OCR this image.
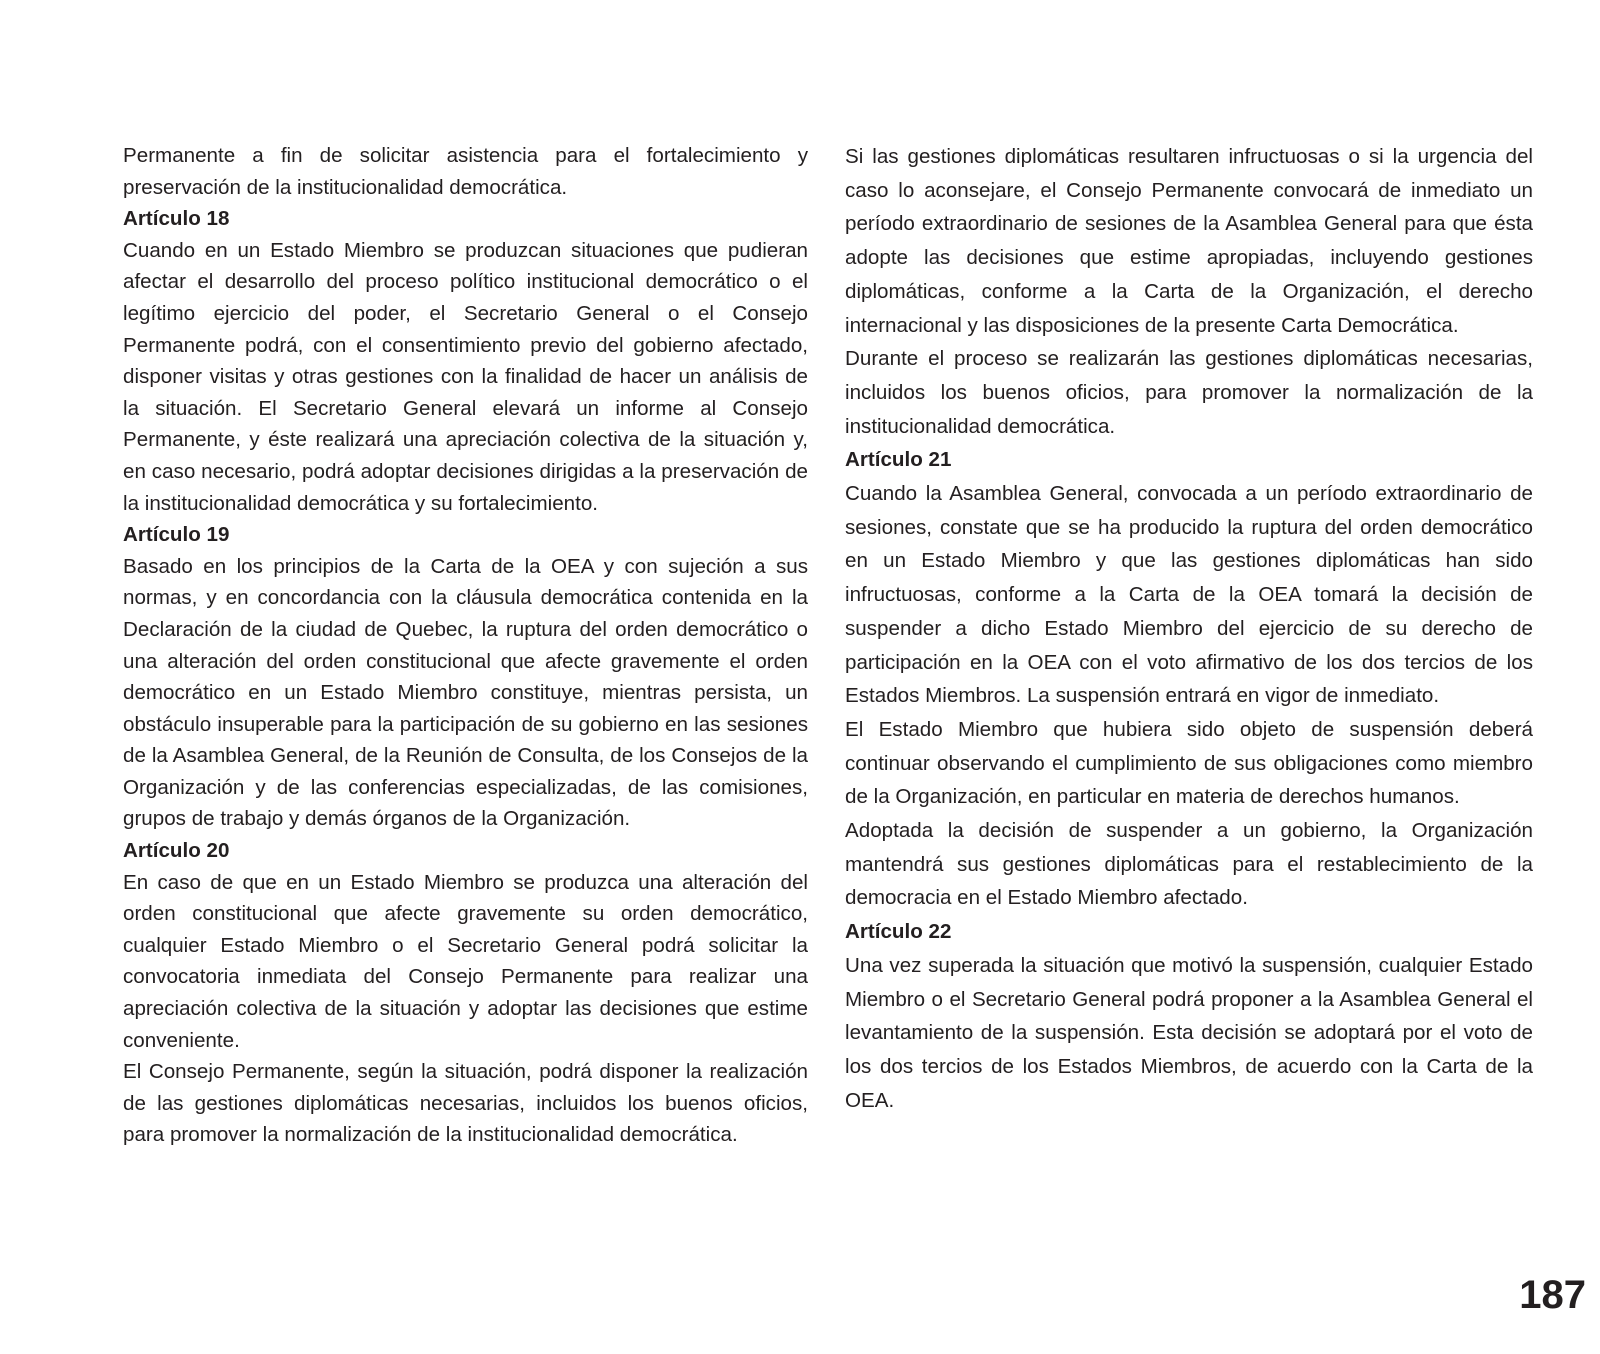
Permanente a fin de solicitar asistencia para el fortalecimiento y preservación de la institucionalidad democrática.

Artículo 18

Cuando en un Estado Miembro se produzcan situaciones que pudieran afectar el desarrollo del proceso político institucional democrático o el legítimo ejercicio del poder, el Secretario General o el Consejo Permanente podrá, con el consentimiento previo del gobierno afectado, disponer visitas y otras gestiones con la finalidad de hacer un análisis de la situación. El Secretario General elevará un informe al Consejo Permanente, y éste realizará una apreciación colectiva de la situación y, en caso necesario, podrá adoptar decisiones dirigidas a la preservación de la institucionalidad democrática y su fortalecimiento.

Artículo 19

Basado en los principios de la Carta de la OEA y con sujeción a sus normas, y en concordancia con la cláusula democrática contenida en la Declaración de la ciudad de Quebec, la ruptura del orden democrático o una alteración del orden constitucional que afecte gravemente el orden democrático en un Estado Miembro constituye, mientras persista, un obstáculo insuperable para la participación de su gobierno en las sesiones de la Asamblea General, de la Reunión de Consulta, de los Consejos de la Organización y de las conferencias especializadas, de las comisiones, grupos de trabajo y demás órganos de la Organización.

Artículo 20

En caso de que en un Estado Miembro se produzca una alteración del orden constitucional que afecte gravemente su orden democrático, cualquier Estado Miembro o el Secretario General podrá solicitar la convocatoria inmediata del Consejo Permanente para realizar una apreciación colectiva de la situación y adoptar las decisiones que estime conveniente.

El Consejo Permanente, según la situación, podrá disponer la realización de las gestiones diplomáticas necesarias, incluidos los buenos oficios, para promover la normalización de la institucionalidad democrática.

Si las gestiones diplomáticas resultaren infructuosas o si la urgencia del caso lo aconsejare, el Consejo Permanente convocará de inmediato un período extraordinario de sesiones de la Asamblea General para que ésta adopte las decisiones que estime apropiadas, incluyendo gestiones diplomáticas, conforme a la Carta de la Organización, el derecho internacional y las disposiciones de la presente Carta Democrática.

Durante el proceso se realizarán las gestiones diplomáticas necesarias, incluidos los buenos oficios, para promover la normalización de la institucionalidad democrática.

Artículo 21

Cuando la Asamblea General, convocada a un período extraordinario de sesiones, constate que se ha producido la ruptura del orden democrático en un Estado Miembro y que las gestiones diplomáticas han sido infructuosas, conforme a la Carta de la OEA tomará la decisión de suspender a dicho Estado Miembro del ejercicio de su derecho de participación en la OEA con el voto afirmativo de los dos tercios de los Estados Miembros. La suspensión entrará en vigor de inmediato.

El Estado Miembro que hubiera sido objeto de suspensión deberá continuar observando el cumplimiento de sus obligaciones como miembro de la Organización, en particular en materia de derechos humanos.

Adoptada la decisión de suspender a un gobierno, la Organización mantendrá sus gestiones diplomáticas para el restablecimiento de la democracia en el Estado Miembro afectado.

Artículo 22

Una vez superada la situación que motivó la suspensión, cualquier Estado Miembro o el Secretario General podrá proponer a la Asamblea General el levantamiento de la suspensión. Esta decisión se adoptará por el voto de los dos tercios de los Estados Miembros, de acuerdo con la Carta de la OEA.

187
